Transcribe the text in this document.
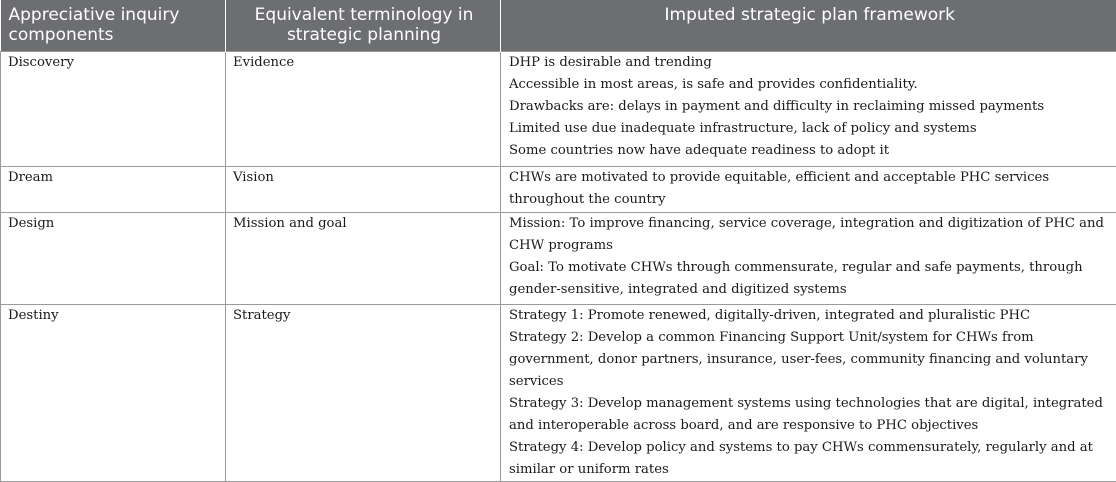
Appreciative inquiry components	Equivalent terminology in strategic planning	Imputed strategic plan framework
Discovery	Evidence	DHP is desirable and trending
Accessible in most areas, is safe and provides confidentiality.
Drawbacks are: delays in payment and difficulty in reclaiming missed payments
Limited use due inadequate infrastructure, lack of policy and systems
Some countries now have adequate readiness to adopt it

Dream	Vision	CHWs are motivated to provide equitable, efficient and acceptable PHC services throughout the country

Design	Mission and goal	Mission: To improve financing, service coverage, integration and digitization of PHC and CHW programs
Goal: To motivate CHWs through commensurate, regular and safe payments, through gender-sensitive, integrated and digitized systems

Destiny	Strategy	Strategy 1: Promote renewed, digitally-driven, integrated and pluralistic PHC
Strategy 2: Develop a common Financing Support Unit/system for CHWs from government, donor partners, insurance, user-fees, community financing and voluntary services
Strategy 3: Develop management systems using technologies that are digital, integrated and interoperable across board, and are responsive to PHC objectives
Strategy 4: Develop policy and systems to pay CHWs commensurately, regularly and at similar or uniform rates
